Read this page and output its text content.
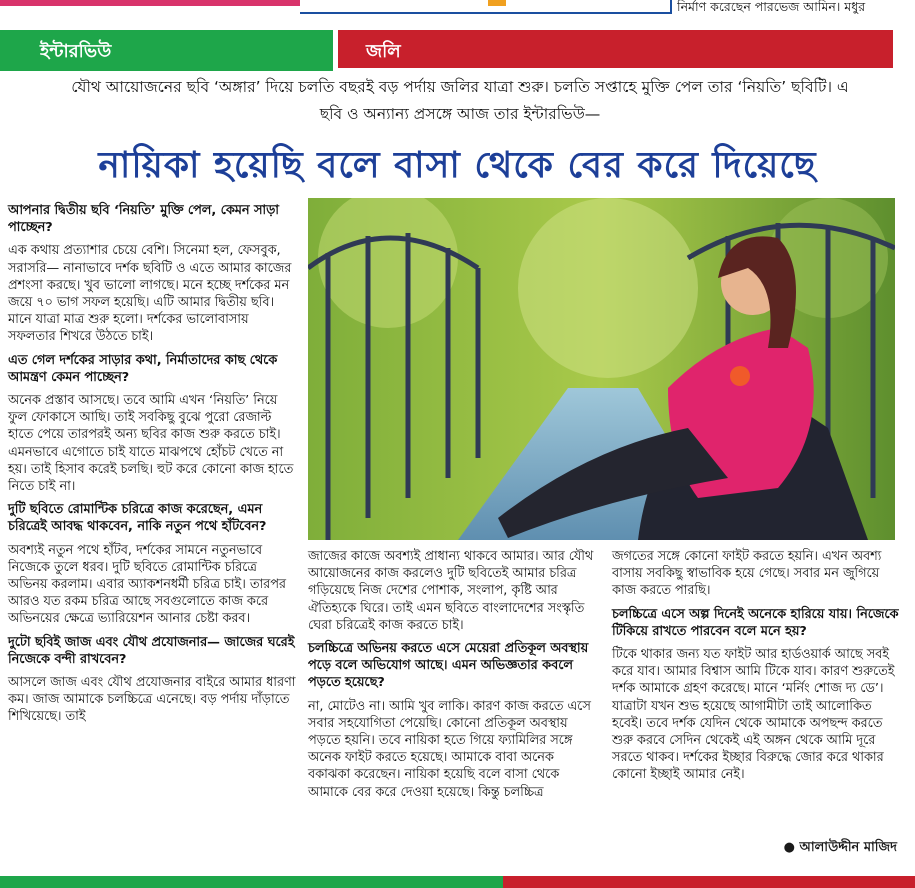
নির্মাণ করেছেন পারভেজ আমিন। মধুর
ইন্টারভিউ	জলি
যৌথ আয়োজনের ছবি ‘অঙ্গার’ দিয়ে চলতি বছরই বড় পর্দায় জলির যাত্রা শুরু। চলতি সপ্তাহে মুক্তি পেল তার ‘নিয়তি’ ছবিটি। এ ছবি ও অন্যান্য প্রসঙ্গে আজ তার ইন্টারভিউ—
নায়িকা হয়েছি বলে বাসা থেকে বের করে দিয়েছে

আপনার দ্বিতীয় ছবি ‘নিয়তি’ মুক্তি পেল, কেমন সাড়া পাচ্ছেন?

এক কথায় প্রত্যাশার চেয়ে বেশি। সিনেমা হল, ফেসবুক, সরাসরি— নানাভাবে দর্শক ছবিটি ও এতে আমার কাজের প্রশংসা করছে। খুব ভালো লাগছে। মনে হচ্ছে দর্শকের মন জয়ে ৭০ ভাগ সফল হয়েছি। এটি আমার দ্বিতীয় ছবি। মানে যাত্রা মাত্র শুরু হলো। দর্শকের ভালোবাসায় সফলতার শিখরে উঠতে চাই।

এত গেল দর্শকের সাড়ার কথা, নির্মাতাদের কাছ থেকে আমন্ত্রণ কেমন পাচ্ছেন?

অনেক প্রস্তাব আসছে। তবে আমি এখন ‘নিয়তি’ নিয়ে ফুল ফোকাসে আছি। তাই সবকিছু বুঝে পুরো রেজাল্ট হাতে পেয়ে তারপরই অন্য ছবির কাজ শুরু করতে চাই। এমনভাবে এগোতে চাই যাতে মাঝপথে হোঁচট খেতে না হয়। তাই হিসাব করেই চলছি। হুট করে কোনো কাজ হাতে নিতে চাই না।

দুটি ছবিতে রোমান্টিক চরিত্রে কাজ করেছেন, এমন চরিত্রেই আবদ্ধ থাকবেন, নাকি নতুন পথে হাঁটবেন?

অবশ্যই নতুন পথে হাঁটব, দর্শকের সামনে নতুনভাবে নিজেকে তুলে ধরব। দুটি ছবিতে রোমান্টিক চরিত্রে অভিনয় করলাম। এবার অ্যাকশনধর্মী চরিত্র চাই। তারপর আরও যত রকম চরিত্র আছে সবগুলোতে কাজ করে অভিনয়ের ক্ষেত্রে ভ্যারিয়েশন আনার চেষ্টা করব।

দুটো ছবিই জাজ এবং যৌথ প্রযোজনার— জাজের ঘরেই নিজেকে বন্দী রাখবেন?

আসলে জাজ এবং যৌথ প্রযোজনার বাইরে আমার ধারণা কম। জাজ আমাকে চলচ্চিত্রে এনেছে। বড় পর্দায় দাঁড়াতে শিখিয়েছে। তাই

জাজের কাজে অবশ্যই প্রাধান্য থাকবে আমার। আর যৌথ আয়োজনের কাজ করলেও দুটি ছবিতেই আমার চরিত্র গড়িয়েছে নিজ দেশের পোশাক, সংলাপ, কৃষ্টি আর ঐতিহ্যকে ঘিরে। তাই এমন ছবিতে বাংলাদেশের সংস্কৃতি ঘেরা চরিত্রেই কাজ করতে চাই।

চলচ্চিত্রে অভিনয় করতে এসে মেয়েরা প্রতিকূল অবস্থায় পড়ে বলে অভিযোগ আছে। এমন অভিজ্ঞতার কবলে পড়তে হয়েছে?

না, মোটেও না। আমি খুব লাকি। কারণ কাজ করতে এসে সবার সহযোগিতা পেয়েছি। কোনো প্রতিকূল অবস্থায় পড়তে হয়নি। তবে নায়িকা হতে গিয়ে ফ্যামিলির সঙ্গে অনেক ফাইট করতে হয়েছে। আমাকে বাবা অনেক বকাঝকা করেছেন। নায়িকা হয়েছি বলে বাসা থেকে আমাকে বের করে দেওয়া হয়েছে। কিন্তু চলচ্চিত্র

জগতের সঙ্গে কোনো ফাইট করতে হয়নি। এখন অবশ্য বাসায় সবকিছু স্বাভাবিক হয়ে গেছে। সবার মন জুগিয়ে কাজ করতে পারছি।

চলচ্চিত্রে এসে অল্প দিনেই অনেকে হারিয়ে যায়। নিজেকে টিকিয়ে রাখতে পারবেন বলে মনে হয়?

টিকে থাকার জন্য যত ফাইট আর হার্ডওয়ার্ক আছে সবই করে যাব। আমার বিশ্বাস আমি টিকে যাব। কারণ শুরুতেই দর্শক আমাকে গ্রহণ করেছে। মানে ‘মর্নিং শোজ দ্য ডে’। যাত্রাটা যখন শুভ হয়েছে আগামীটা তাই আলোকিত হবেই। তবে দর্শক যেদিন থেকে আমাকে অপছন্দ করতে শুরু করবে সেদিন থেকেই এই অঙ্গন থেকে আমি দূরে সরতে থাকব। দর্শকের ইচ্ছার বিরুদ্ধে জোর করে থাকার কোনো ইচ্ছাই আমার নেই।

● আলাউদ্দীন মাজিদ
